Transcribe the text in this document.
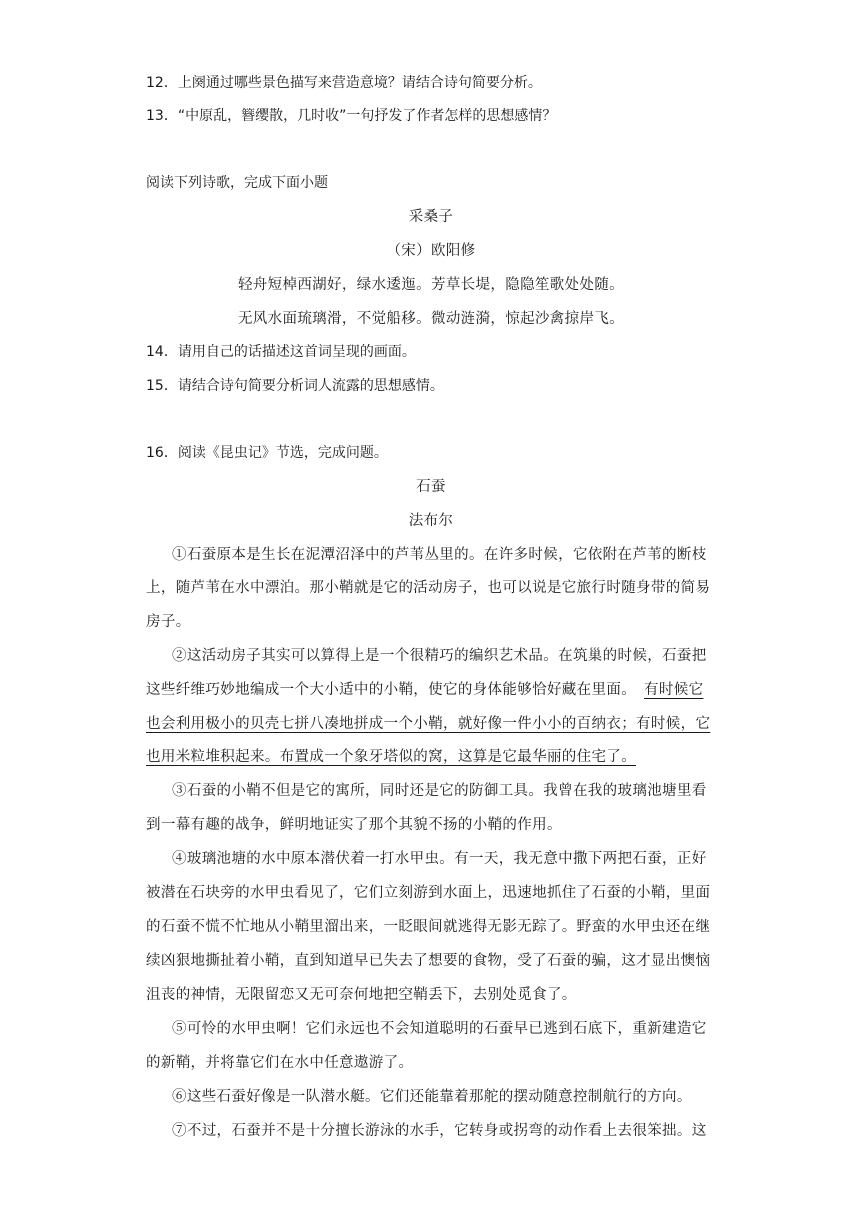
12．上阕通过哪些景色描写来营造意境？请结合诗句简要分析。
13．“中原乱，簪缨散，几时收”一句抒发了作者怎样的思想感情？
阅读下列诗歌，完成下面小题
采桑子
（宋）欧阳修
轻舟短棹西湖好，绿水逶迤。芳草长堤，隐隐笙歌处处随。
无风水面琉璃滑，不觉船移。微动涟漪，惊起沙禽掠岸飞。
14．请用自己的话描述这首词呈现的画面。
15．请结合诗句简要分析词人流露的思想感情。
16．阅读《昆虫记》节选，完成问题。
石蚕
法布尔
①石蚕原本是生长在泥潭沼泽中的芦苇丛里的。在许多时候，它依附在芦苇的断枝
上，随芦苇在水中漂泊。那小鞘就是它的活动房子，也可以说是它旅行时随身带的简易
房子。
②这活动房子其实可以算得上是一个很精巧的编织艺术品。在筑巢的时候，石蚕把
这些纤维巧妙地编成一个大小适中的小鞘，使它的身体能够恰好藏在里面。 有时候它
也会利用极小的贝壳七拼八凑地拼成一个小鞘，就好像一件小小的百纳衣；有时候，它
也用米粒堆积起来。布置成一个象牙塔似的窝，这算是它最华丽的住宅了。
③石蚕的小鞘不但是它的寓所，同时还是它的防御工具。我曾在我的玻璃池塘里看
到一幕有趣的战争，鲜明地证实了那个其貌不扬的小鞘的作用。
④玻璃池塘的水中原本潜伏着一打水甲虫。有一天，我无意中撒下两把石蚕，正好
被潜在石块旁的水甲虫看见了，它们立刻游到水面上，迅速地抓住了石蚕的小鞘，里面
的石蚕不慌不忙地从小鞘里溜出来，一眨眼间就逃得无影无踪了。野蛮的水甲虫还在继
续凶狠地撕扯着小鞘，直到知道早已失去了想要的食物，受了石蚕的骗，这才显出懊恼
沮丧的神情，无限留恋又无可奈何地把空鞘丢下，去别处觅食了。
⑤可怜的水甲虫啊！它们永远也不会知道聪明的石蚕早已逃到石底下，重新建造它
的新鞘，并将靠它们在水中任意遨游了。
⑥这些石蚕好像是一队潜水艇。它们还能靠着那舵的摆动随意控制航行的方向。
⑦不过，石蚕并不是十分擅长游泳的水手，它转身或拐弯的动作看上去很笨拙。这
